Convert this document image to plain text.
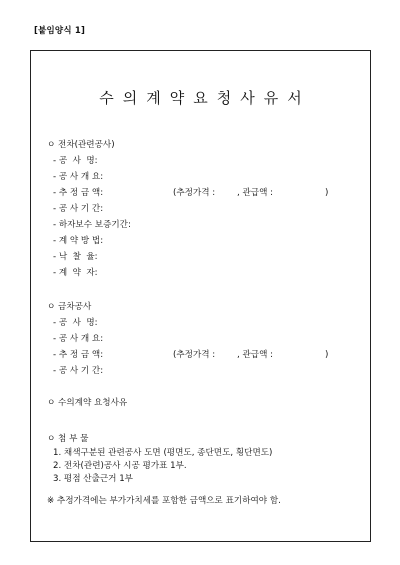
[붙임양식 1]
수의계약요청사유서
ㅇ 전차(관련공사)
- 공  사  명:
- 공 사 개 요:
- 추 정 금 액:	(추정가격 :        , 관급액 :                   )
- 공 사 기 간:
- 하자보수 보증기간:
- 계 약 방 법:
- 낙  찰  율:
- 계  약  자:
ㅇ 금차공사
- 공  사  명:
- 공 사 개 요:
- 추 정 금 액:	(추정가격 :        , 관급액 :                   )
- 공 사 기 간:
ㅇ 수의계약 요청사유
ㅇ 첨 부 물
1. 채색구분된 관련공사 도면 (평면도, 종단면도, 횡단면도)
2. 전차(관련)공사 시공 평가표 1부.
3. 평점 산출근거 1부
※ 추정가격에는 부가가치세를 포함한 금액으로 표기하여야 함.
